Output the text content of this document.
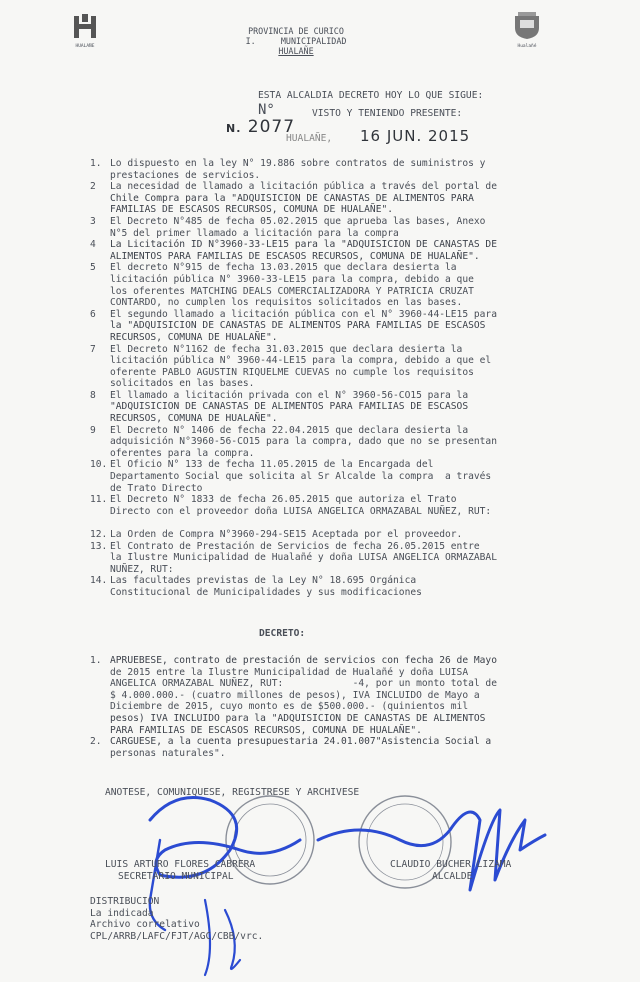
HUALAÑE
PROVINCIA DE CURICO
I.     MUNICIPALIDAD
HUALAÑE	Hualañé
ESTA ALCALDIA DECRETO HOY LO QUE SIGUE:
N°	VISTO Y TENIENDO PRESENTE:
N. 2077
HUALAÑE, 16 JUN. 2015
1. Lo dispuesto en la ley N° 19.886 sobre contratos de suministros y
prestaciones de servicios.
2	La necesidad de llamado a licitación pública a través del portal de
Chile Compra para la "ADQUISICION DE CANASTAS DE ALIMENTOS PARA
FAMILIAS DE ESCASOS RECURSOS, COMUNA DE HUALAÑE".
3	El Decreto N°485 de fecha 05.02.2015 que aprueba las bases, Anexo
N°5 del primer llamado a licitación para la compra
4	La Licitación ID N°3960-33-LE15 para la "ADQUISICION DE CANASTAS DE
ALIMENTOS PARA FAMILIAS DE ESCASOS RECURSOS, COMUNA DE HUALAÑE".
5	El decreto N°915 de fecha 13.03.2015 que declara desierta la
licitación pública N° 3960-33-LE15 para la compra, debido a que
los oferentes MATCHING DEALS COMERCIALIZADORA Y PATRICIA CRUZAT
CONTARDO, no cumplen los requisitos solicitados en las bases.
6	El segundo llamado a licitación pública con el N° 3960-44-LE15 para
la "ADQUISICION DE CANASTAS DE ALIMENTOS PARA FAMILIAS DE ESCASOS
RECURSOS, COMUNA DE HUALAÑE".
7	El Decreto N°1162 de fecha 31.03.2015 que declara desierta la
licitación pública N° 3960-44-LE15 para la compra, debido a que el
oferente PABLO AGUSTIN RIQUELME CUEVAS no cumple los requisitos
solicitados en las bases.
8	El llamado a licitación privada con el N° 3960-56-CO15 para la
"ADQUISICION DE CANASTAS DE ALIMENTOS PARA FAMILIAS DE ESCASOS
RECURSOS, COMUNA DE HUALAÑE".
9	El Decreto N° 1406 de fecha 22.04.2015 que declara desierta la
adquisición N°3960-56-CO15 para la compra, dado que no se presentan
oferentes para la compra.
10. El Oficio N° 133 de fecha 11.05.2015 de la Encargada del
Departamento Social que solicita al Sr Alcalde la compra  a través
de Trato Directo
11. El Decreto N° 1833 de fecha 26.05.2015 que autoriza el Trato
Directo con el proveedor doña LUISA ANGELICA ORMAZABAL NUÑEZ, RUT:

12. La Orden de Compra N°3960-294-SE15 Aceptada por el proveedor.
13. El Contrato de Prestación de Servicios de fecha 26.05.2015 entre
la Ilustre Municipalidad de Hualañé y doña LUISA ANGELICA ORMAZABAL
NUÑEZ, RUT:
14. Las facultades previstas de la Ley N° 18.695 Orgánica
Constitucional de Municipalidades y sus modificaciones
DECRETO:
1. APRUEBESE, contrato de prestación de servicios con fecha 26 de Mayo
de 2015 entre la Ilustre Municipalidad de Hualañé y doña LUISA
ANGELICA ORMAZABAL NUÑEZ, RUT:            -4, por un monto total de
$ 4.000.000.- (cuatro millones de pesos), IVA INCLUIDO de Mayo a
Diciembre de 2015, cuyo monto es de $500.000.- (quinientos mil
pesos) IVA INCLUIDO para la "ADQUISICION DE CANASTAS DE ALIMENTOS
PARA FAMILIAS DE ESCASOS RECURSOS, COMUNA DE HUALAÑE".
2. CARGUESE, a la cuenta presupuestaria 24.01.007"Asistencia Social a
personas naturales".
ANOTESE, COMUNIQUESE, REGISTRESE Y ARCHIVESE
LUIS ARTURO FLORES CABRERA
SECRETARIO MUNICIPAL
CLAUDIO BUCHER LIZAMA
ALCALDE
DISTRIBUCION
La indicada
Archivo correlativo
CPL/ARRB/LAFC/FJT/AGC/CBB/vrc.
